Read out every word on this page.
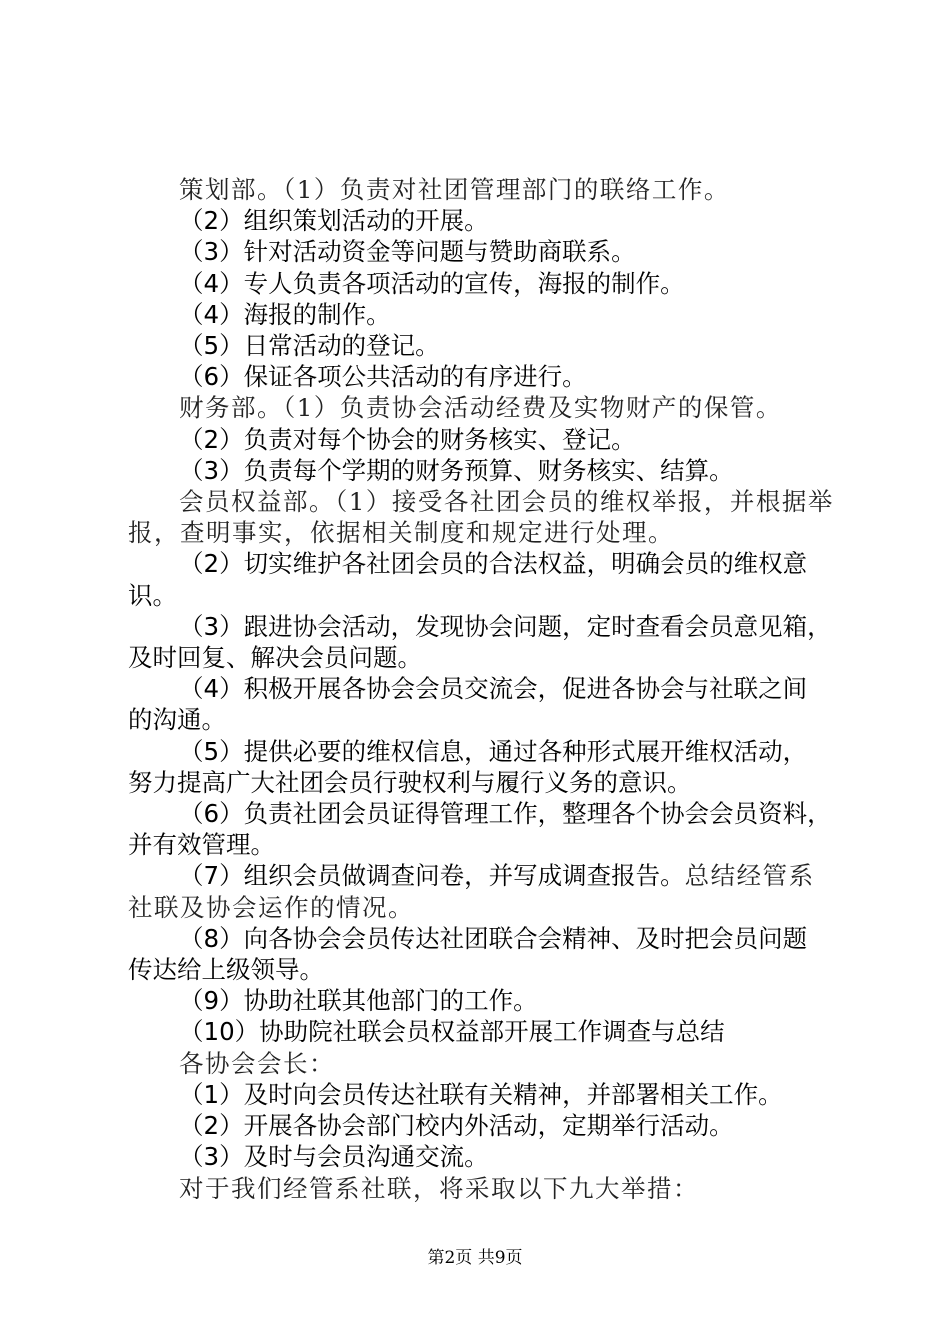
策划部。（1）负责对社团管理部门的联络工作。

（2）组织策划活动的开展。

（3）针对活动资金等问题与赞助商联系。

（4）专人负责各项活动的宣传，海报的制作。

（4）海报的制作。

（5）日常活动的登记。

（6）保证各项公共活动的有序进行。

财务部。（1）负责协会活动经费及实物财产的保管。

（2）负责对每个协会的财务核实、登记。

（3）负责每个学期的财务预算、财务核实、结算。

会员权益部。（1）接受各社团会员的维权举报，并根据举

报，查明事实，依据相关制度和规定进行处理。

（2）切实维护各社团会员的合法权益，明确会员的维权意

识。

（3）跟进协会活动，发现协会问题，定时查看会员意见箱，

及时回复、解决会员问题。

（4）积极开展各协会会员交流会，促进各协会与社联之间

的沟通。

（5）提供必要的维权信息，通过各种形式展开维权活动，

努力提高广大社团会员行驶权利与履行义务的意识。

（6）负责社团会员证得管理工作，整理各个协会会员资料，

并有效管理。

（7）组织会员做调查问卷，并写成调查报告。总结经管系

社联及协会运作的情况。

（8）向各协会会员传达社团联合会精神、及时把会员问题

传达给上级领导。

（9）协助社联其他部门的工作。

（10）协助院社联会员权益部开展工作调查与总结

各协会会长：

（1）及时向会员传达社联有关精神，并部署相关工作。

（2）开展各协会部门校内外活动，定期举行活动。

（3）及时与会员沟通交流。

对于我们经管系社联，将采取以下九大举措：

第2页 共9页
